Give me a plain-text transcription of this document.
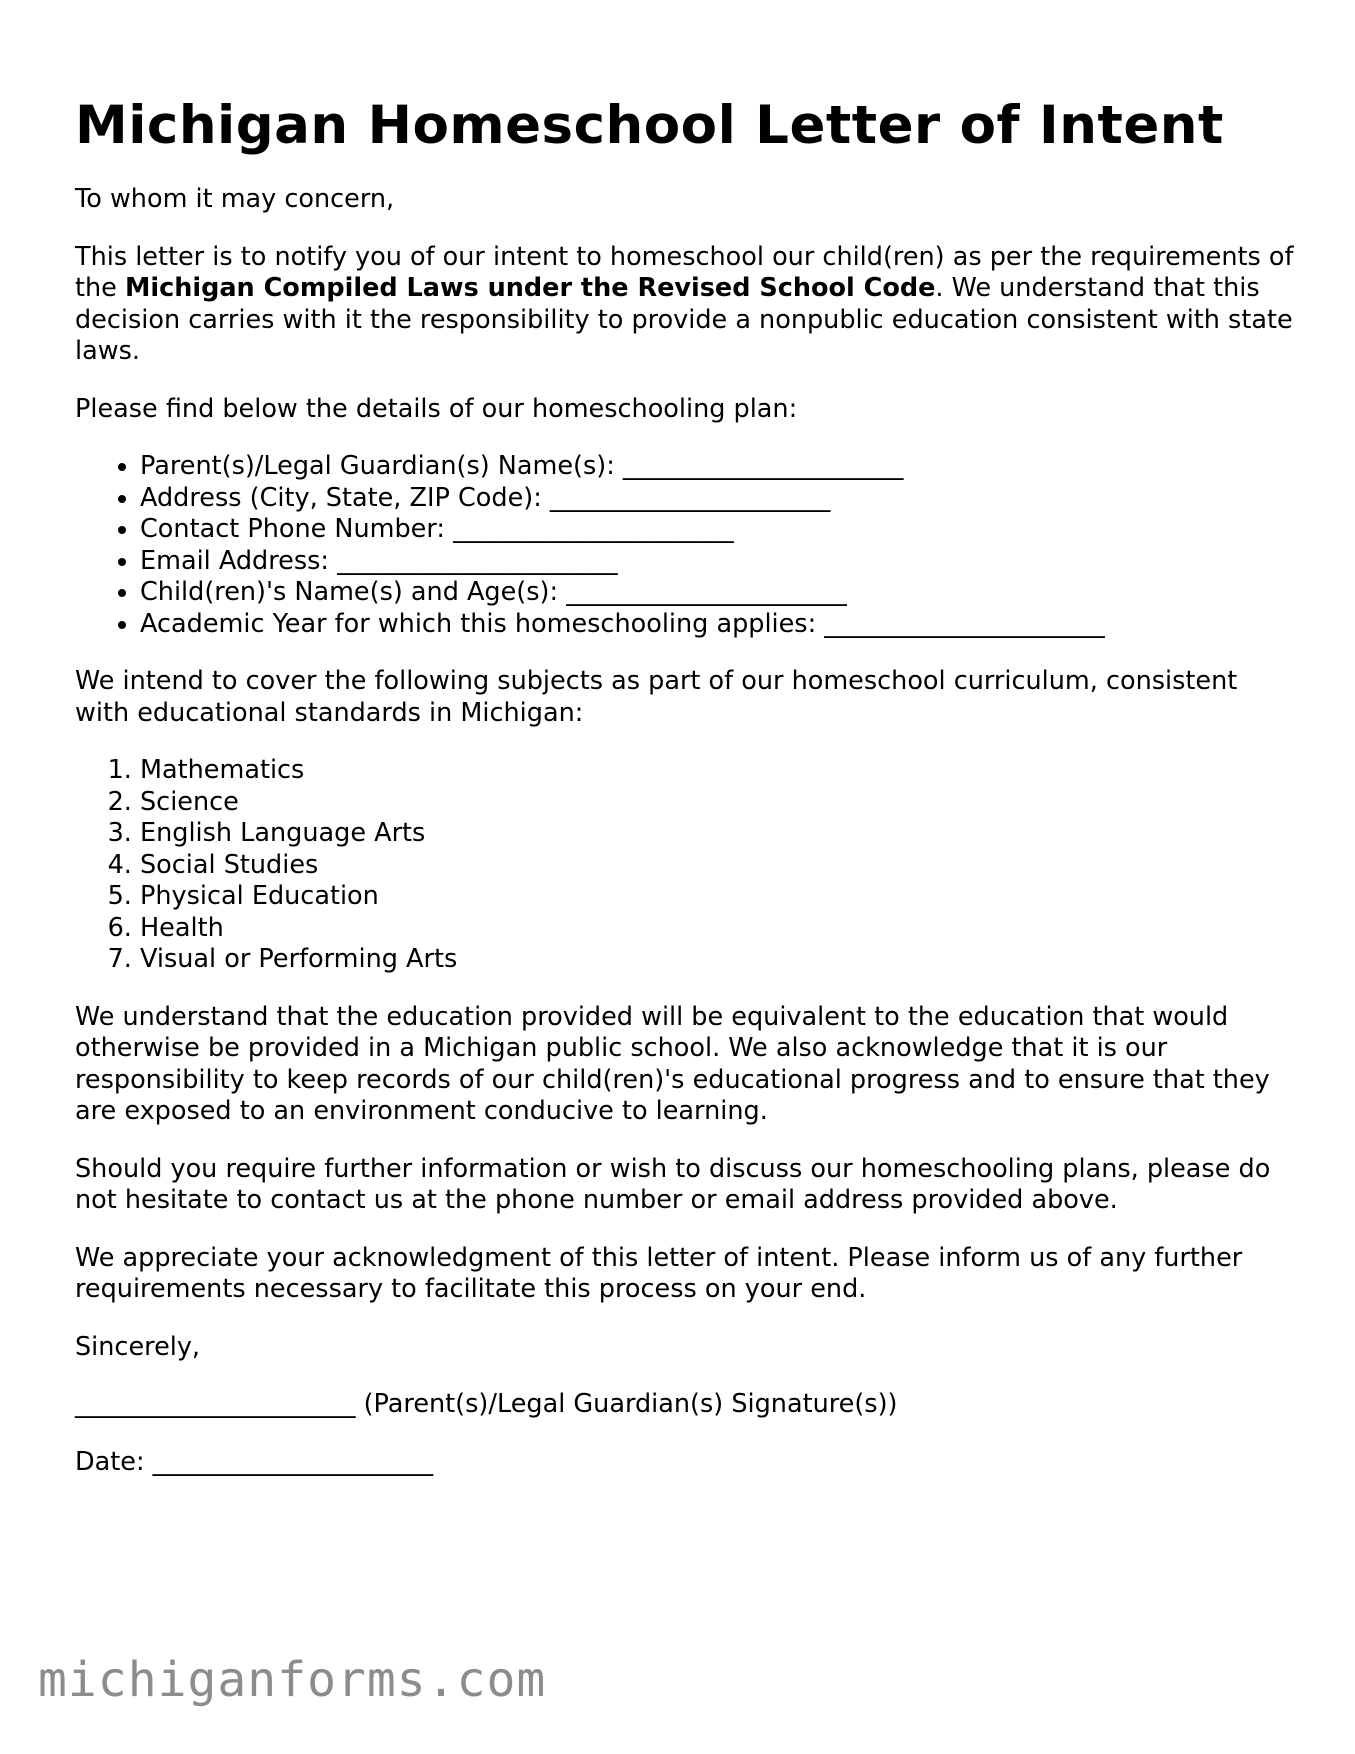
Michigan Homeschool Letter of Intent

To whom it may concern,

This letter is to notify you of our intent to homeschool our child(ren) as per the requirements of the Michigan Compiled Laws under the Revised School Code. We understand that this decision carries with it the responsibility to provide a nonpublic education consistent with state laws.

Please find below the details of our homeschooling plan:

• Parent(s)/Legal Guardian(s) Name(s): ______________________
• Address (City, State, ZIP Code): ______________________
• Contact Phone Number: ______________________
• Email Address: ______________________
• Child(ren)'s Name(s) and Age(s): ______________________
• Academic Year for which this homeschooling applies: ______________________

We intend to cover the following subjects as part of our homeschool curriculum, consistent with educational standards in Michigan:

1. Mathematics
2. Science
3. English Language Arts
4. Social Studies
5. Physical Education
6. Health
7. Visual or Performing Arts

We understand that the education provided will be equivalent to the education that would otherwise be provided in a Michigan public school. We also acknowledge that it is our responsibility to keep records of our child(ren)'s educational progress and to ensure that they are exposed to an environment conducive to learning.

Should you require further information or wish to discuss our homeschooling plans, please do not hesitate to contact us at the phone number or email address provided above.

We appreciate your acknowledgment of this letter of intent. Please inform us of any further requirements necessary to facilitate this process on your end.

Sincerely,

______________________ (Parent(s)/Legal Guardian(s) Signature(s))

Date: ______________________

michiganforms.com
